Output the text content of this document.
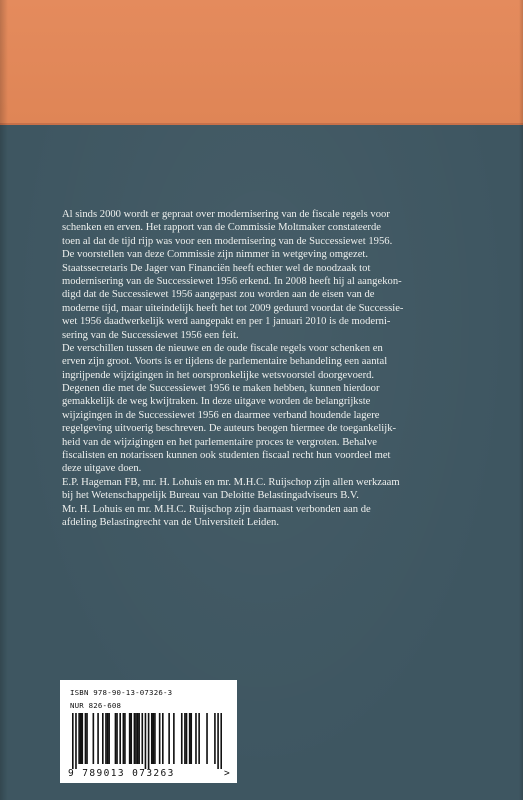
Al sinds 2000 wordt er gepraat over modernisering van de fiscale regels voor
schenken en erven. Het rapport van de Commissie Moltmaker constateerde
toen al dat de tijd rijp was voor een modernisering van de Successiewet 1956.
De voorstellen van deze Commissie zijn nimmer in wetgeving omgezet.
Staatssecretaris De Jager van Financiën heeft echter wel de noodzaak tot
modernisering van de Successiewet 1956 erkend. In 2008 heeft hij al aangekon-
digd dat de Successiewet 1956 aangepast zou worden aan de eisen van de
moderne tijd, maar uiteindelijk heeft het tot 2009 geduurd voordat de Successie-
wet 1956 daadwerkelijk werd aangepakt en per 1 januari 2010 is de moderni-
sering van de Successiewet 1956 een feit.
De verschillen tussen de nieuwe en de oude fiscale regels voor schenken en
erven zijn groot. Voorts is er tijdens de parlementaire behandeling een aantal
ingrijpende wijzigingen in het oorspronkelijke wetsvoorstel doorgevoerd.
Degenen die met de Successiewet 1956 te maken hebben, kunnen hierdoor
gemakkelijk de weg kwijtraken. In deze uitgave worden de belangrijkste
wijzigingen in de Successiewet 1956 en daarmee verband houdende lagere
regelgeving uitvoerig beschreven. De auteurs beogen hiermee de toegankelijk-
heid van de wijzigingen en het parlementaire proces te vergroten. Behalve
fiscalisten en notarissen kunnen ook studenten fiscaal recht hun voordeel met
deze uitgave doen.
E.P. Hageman FB, mr. H. Lohuis en mr. M.H.C. Ruijschop zijn allen werkzaam
bij het Wetenschappelijk Bureau van Deloitte Belastingadviseurs B.V.
Mr. H. Lohuis en mr. M.H.C. Ruijschop zijn daarnaast verbonden aan de
afdeling Belastingrecht van de Universiteit Leiden.
ISBN 978-90-13-07326-3
NUR 826-608
9 789013 073263	>
